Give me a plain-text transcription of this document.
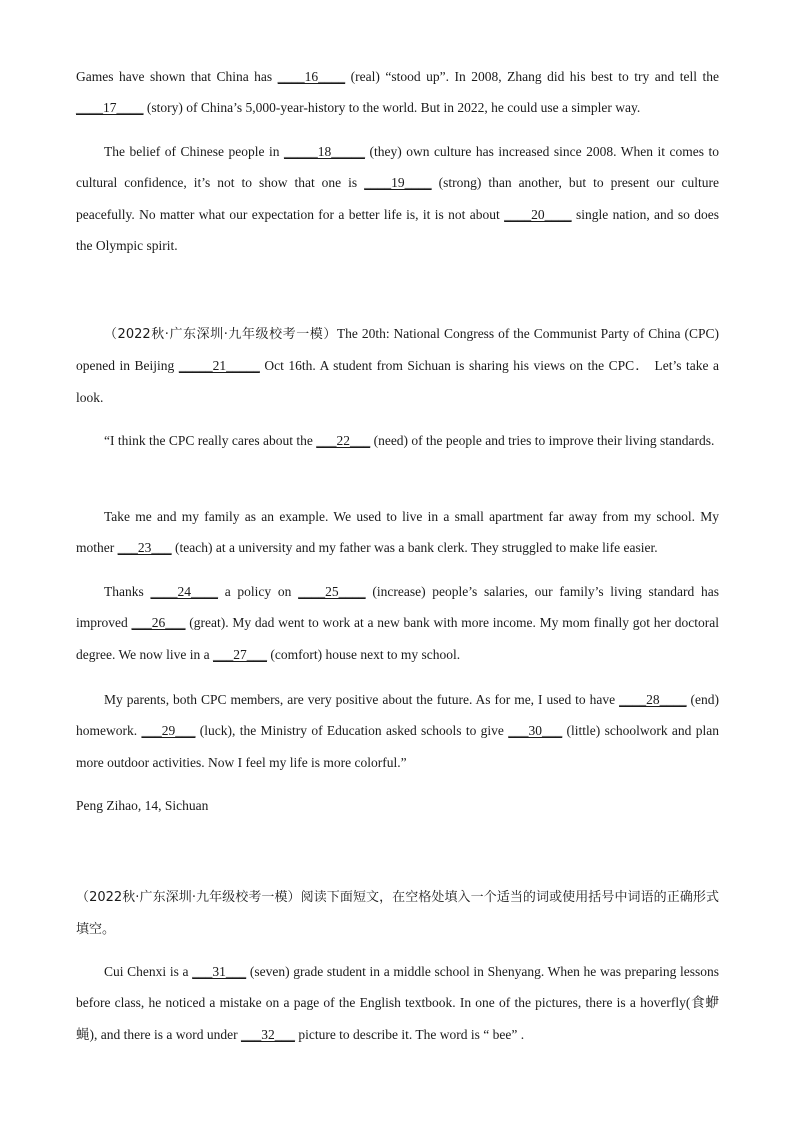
Games have shown that China has ____16____ (real) “stood up”. In 2008, Zhang did his best to try and tell the ____17____ (story) of China’s 5,000-year-history to the world. But in 2022, he could use a simpler way.

The belief of Chinese people in _____18_____ (they) own culture has increased since 2008. When it comes to cultural confidence, it’s not to show that one is ____19____ (strong) than another, but to present our culture peacefully. No matter what our expectation for a better life is, it is not about ____20____ single nation, and so does the Olympic spirit.

（2022秋·广东深圳·九年级校考一模）The 20th: National Congress of the Communist Party of China (CPC) opened in Beijing _____21_____ Oct 16th. A student from Sichuan is sharing his views on the CPC． Let’s take a look.

“I think the CPC really cares about the ___22___ (need) of the people and tries to improve their living standards.

Take me and my family as an example. We used to live in a small apartment far away from my school. My mother ___23___ (teach) at a university and my father was a bank clerk. They struggled to make life easier.

Thanks ____24____ a policy on ____25____ (increase) people’s salaries, our family’s living standard has improved ___26___ (great). My dad went to work at a new bank with more income. My mom finally got her doctoral degree. We now live in a ___27___ (comfort) house next to my school.

My parents, both CPC members, are very positive about the future. As for me, I used to have ____28____ (end) homework. ___29___ (luck), the Ministry of Education asked schools to give ___30___ (little) schoolwork and plan more outdoor activities. Now I feel my life is more colorful.”

Peng Zihao, 14, Sichuan

（2022秋·广东深圳·九年级校考一模）阅读下面短文，在空格处填入一个适当的词或使用括号中词语的正确形式填空。

Cui Chenxi is a ___31___ (seven) grade student in a middle school in Shenyang. When he was preparing lessons before class, he noticed a mistake on a page of the English textbook. In one of the pictures, there is a hoverfly(食蛜蝇), and there is a word under ___32___ picture to describe it. The word is “ bee” .
